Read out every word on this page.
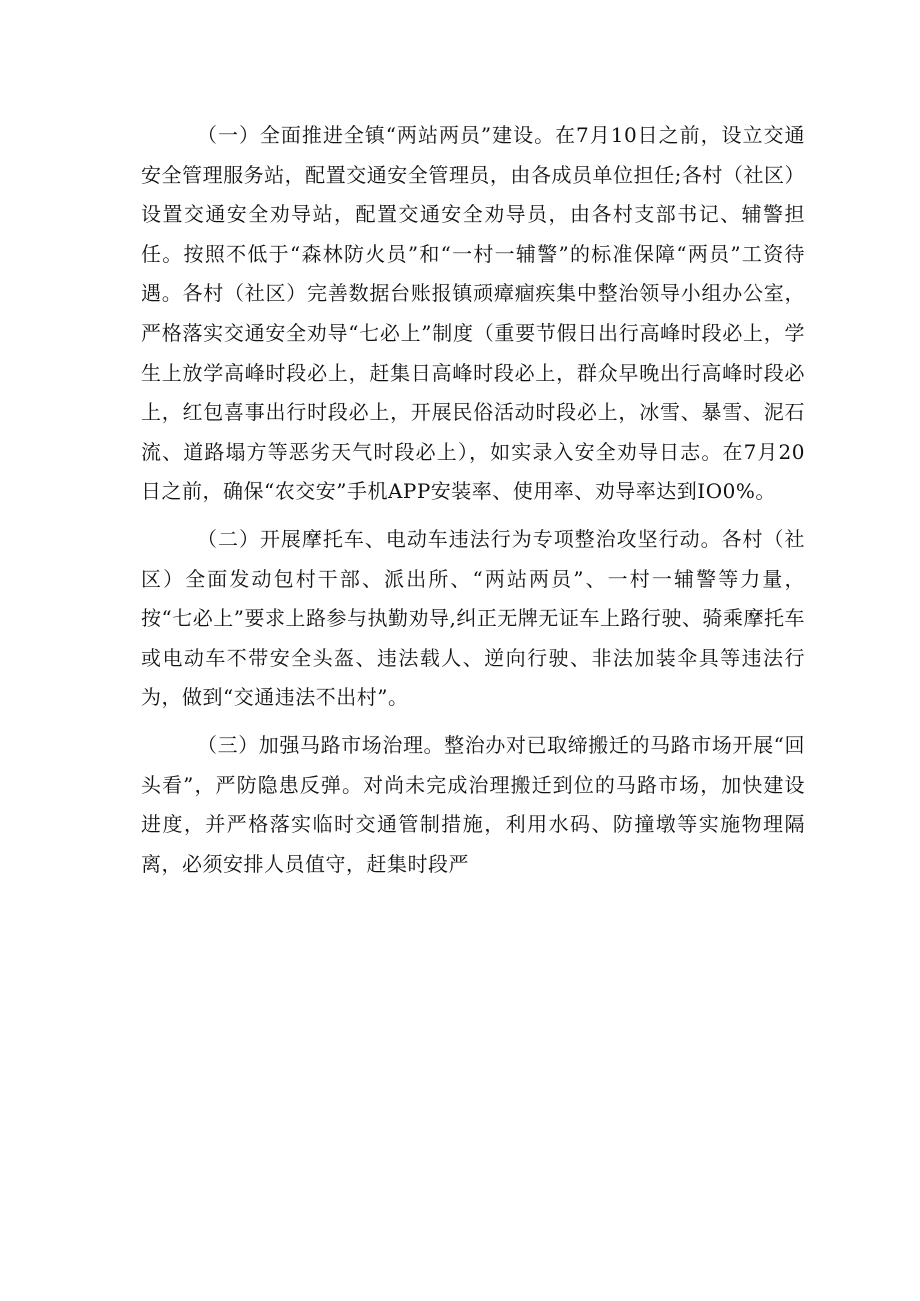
（一）全面推进全镇“两站两员”建设。在7月10日之前，设立交通安全管理服务站，配置交通安全管理员，由各成员单位担任;各村（社区）设置交通安全劝导站，配置交通安全劝导员，由各村支部书记、辅警担任。按照不低于“森林防火员”和“一村一辅警”的标准保障“两员”工资待遇。各村（社区）完善数据台账报镇顽瘴痼疾集中整治领导小组办公室，严格落实交通安全劝导“七必上”制度（重要节假日出行高峰时段必上，学生上放学高峰时段必上，赶集日高峰时段必上，群众早晚出行高峰时段必上，红包喜事出行时段必上，开展民俗活动时段必上，冰雪、暴雪、泥石流、道路塌方等恶劣天气时段必上），如实录入安全劝导日志。在7月20日之前，确保“农交安”手机APP安装率、使用率、劝导率达到IO0%。

（二）开展摩托车、电动车违法行为专项整治攻坚行动。各村（社区）全面发动包村干部、派出所、“两站两员”、一村一辅警等力量，按“七必上”要求上路参与执勤劝导,纠正无牌无证车上路行驶、骑乘摩托车或电动车不带安全头盔、违法载人、逆向行驶、非法加装伞具等违法行为，做到“交通违法不出村”。

（三）加强马路市场治理。整治办对已取缔搬迁的马路市场开展“回头看”，严防隐患反弹。对尚未完成治理搬迁到位的马路市场，加快建设进度，并严格落实临时交通管制措施，利用水码、防撞墩等实施物理隔离，必须安排人员值守，赶集时段严
